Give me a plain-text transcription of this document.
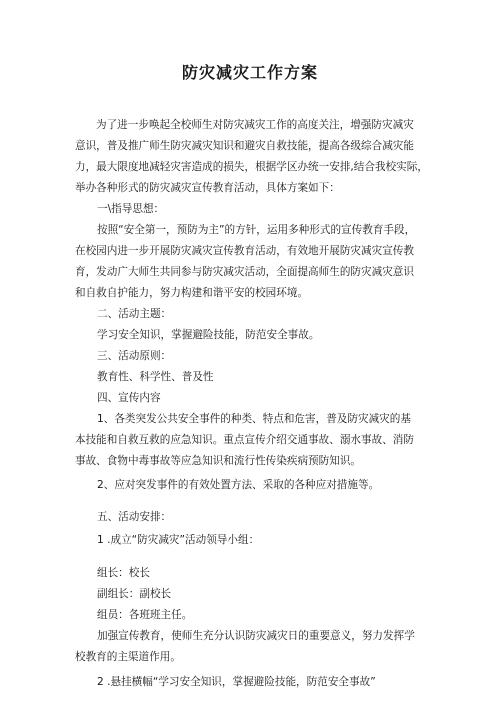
防灾减灾工作方案
为了进一步唤起全校师生对防灾减灾工作的高度关注，增强防灾减灾
意识，普及推广师生防灾减灾知识和避灾自救技能，提高各级综合减灾能
力，最大限度地减轻灾害造成的损失，根据学区办统一安排,结合我校实际，
举办各种形式的防灾减灾宣传教育活动，具体方案如下：
一\指导思想：
按照“安全第一，预防为主”的方针，运用多种形式的宣传教育手段，
在校园内进一步开展防灾减灾宣传教育活动，有效地开展防灾减灾宣传教
育，发动广大师生共同参与防灾减灾活动，全面提高师生的防灾减灾意识
和自救自护能力，努力构建和谐平安的校园环境。
二、活动主题：
学习安全知识，掌握避险技能，防范安全事故。
三、活动原则：
教育性、科学性、普及性
四、宣传内容
1、各类突发公共安全事件的种类、特点和危害，普及防灾减灾的基
本技能和自救互救的应急知识。重点宣传介绍交通事故、溺水事故、消防
事故、食物中毒事故等应急知识和流行性传染疾病预防知识。
2、应对突发事件的有效处置方法、采取的各种应对措施等。
五、活动安排：
1 .成立“防灾减灾”活动领导小组：
组长：校长
副组长：副校长
组员：各班班主任。
加强宣传教育，使师生充分认识防灾减灾日的重要意义，努力发挥学
校教育的主渠道作用。
2 .悬挂横幅“学习安全知识，掌握避险技能，防范安全事故”
